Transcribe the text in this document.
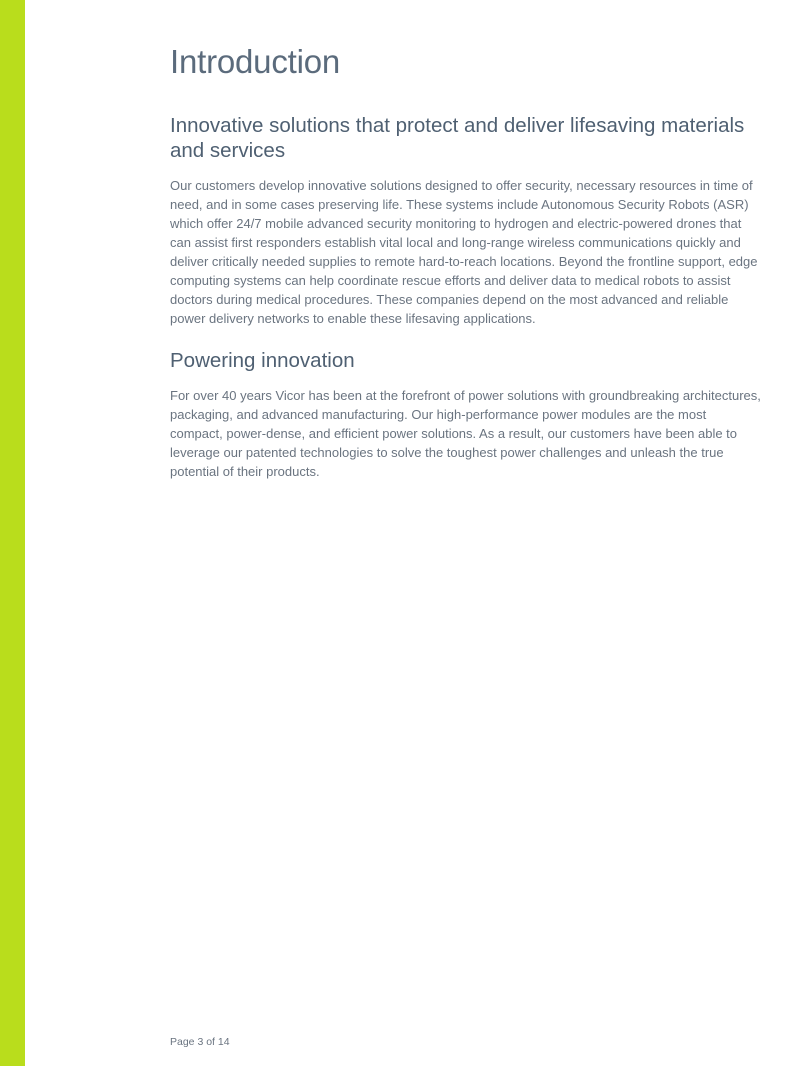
Introduction
Innovative solutions that protect and deliver lifesaving materials and services

Our customers develop innovative solutions designed to offer security, necessary resources in time of need, and in some cases preserving life. These systems include Autonomous Security Robots (ASR) which offer 24/7 mobile advanced security monitoring to hydrogen and electric-powered drones that can assist first responders establish vital local and long-range wireless communications quickly and deliver critically needed supplies to remote hard-to-reach locations. Beyond the frontline support, edge computing systems can help coordinate rescue efforts and deliver data to medical robots to assist doctors during medical procedures. These companies depend on the most advanced and reliable power delivery networks to enable these lifesaving applications.

Powering innovation

For over 40 years Vicor has been at the forefront of power solutions with groundbreaking architectures, packaging, and advanced manufacturing. Our high-performance power modules are the most compact, power-dense, and efficient power solutions. As a result, our customers have been able to leverage our patented technologies to solve the toughest power challenges and unleash the true potential of their products.

Page 3 of 14
